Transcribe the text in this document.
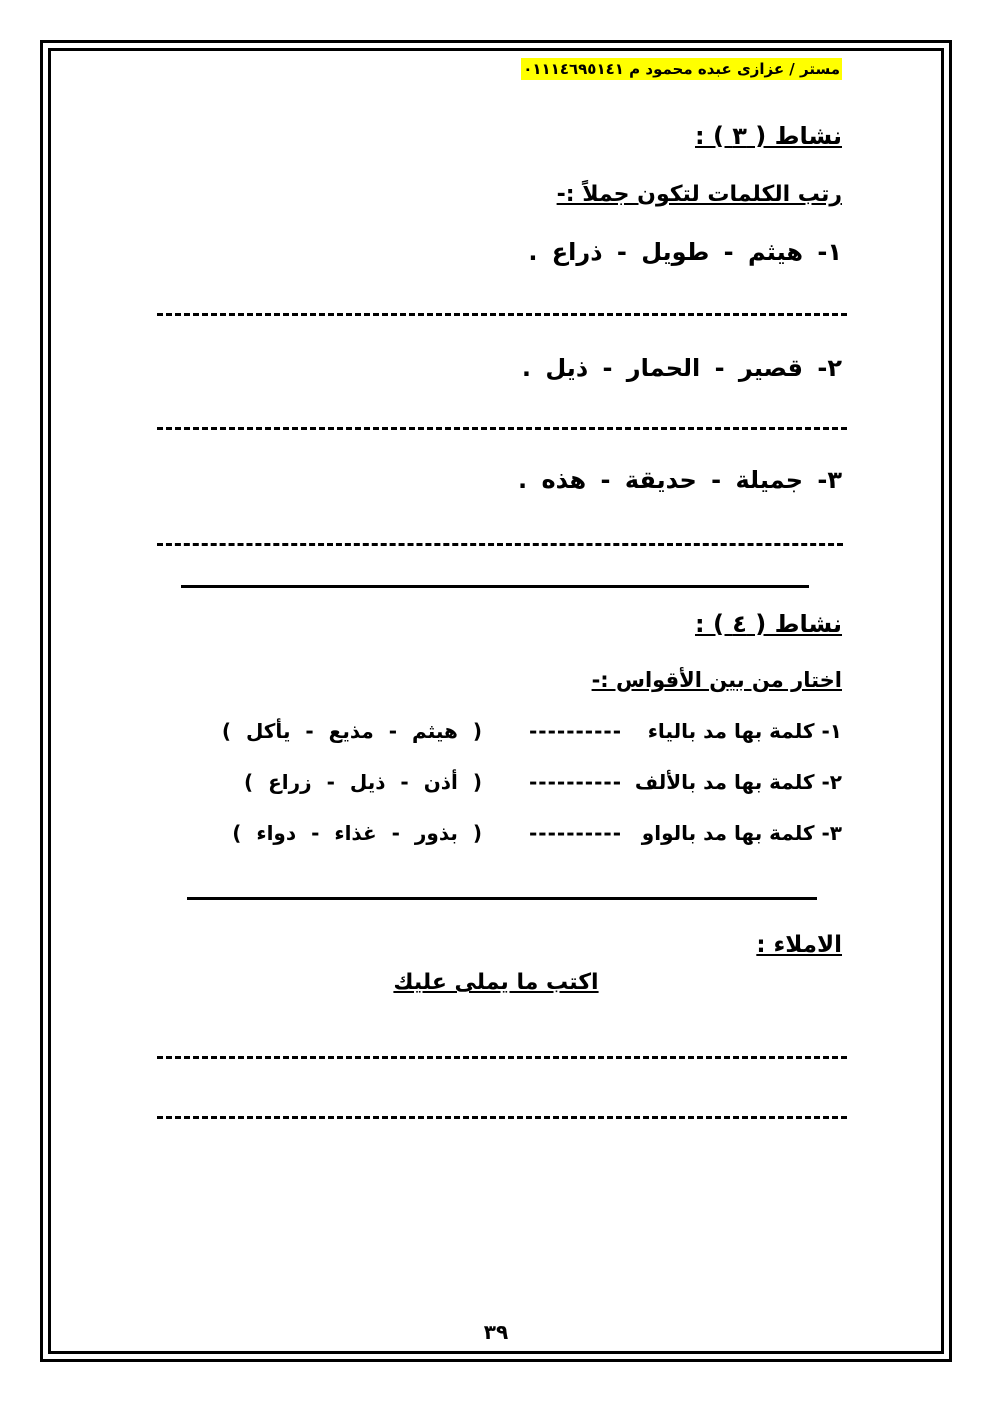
مستر / عزازى عبده محمود م ٠١١١٤٦٩٥١٤١
نشاط ( ٣ ) :
رتب الكلمات لتكون جملاً :-
١- هيثم - طويل - ذراع .
٢- قصير - الحمار - ذيل .
٣- جميلة - حديقة - هذه .
نشاط ( ٤ ) :
اختار من بين الأقواس :-
١- كلمة بها مد بالياء
----------
( هيثم - مذيع - يأكل )
٢- كلمة بها مد بالألف
----------
( أذن - ذيل - زراع )
٣- كلمة بها مد بالواو
----------
( بذور - غذاء - دواء )
الاملاء :
اكتب ما يملى عليك
٣٩
